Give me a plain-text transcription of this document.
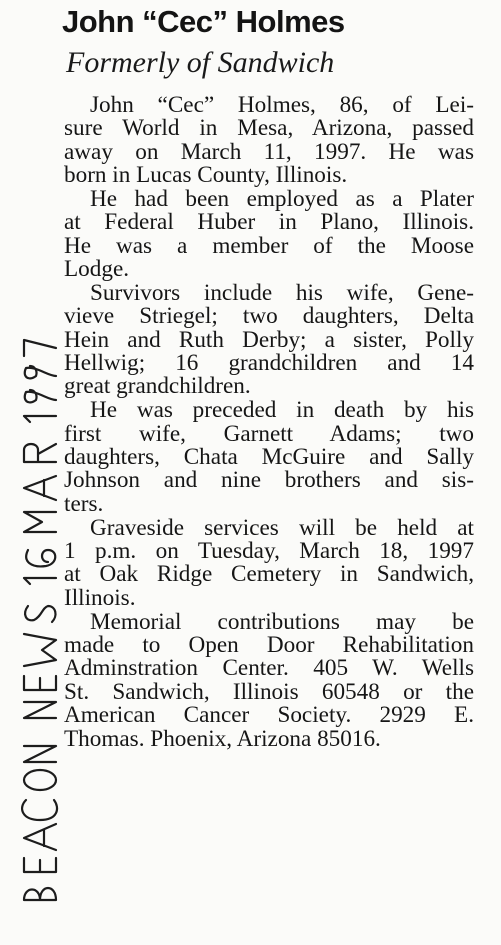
John “Cec” Holmes
Formerly of Sandwich
John “Cec” Holmes, 86, of Lei-
sure World in Mesa, Arizona, passed
away on March 11, 1997. He was
born in Lucas County, Illinois.
He had been employed as a Plater
at Federal Huber in Plano, Illinois.
He was a member of the Moose
Lodge.
Survivors include his wife, Gene-
vieve Striegel; two daughters, Delta
Hein and Ruth Derby; a sister, Polly
Hellwig; 16 grandchildren and 14
great grandchildren.
He was preceded in death by his
first wife, Garnett Adams; two
daughters, Chata McGuire and Sally
Johnson and nine brothers and sis-
ters.
Graveside services will be held at
1 p.m. on Tuesday, March 18, 1997
at Oak Ridge Cemetery in Sandwich,
Illinois.
Memorial contributions may be
made to Open Door Rehabilitation
Adminstration Center. 405 W. Wells
St. Sandwich, Illinois 60548 or the
American Cancer Society. 2929 E.
Thomas. Phoenix, Arizona 85016.
